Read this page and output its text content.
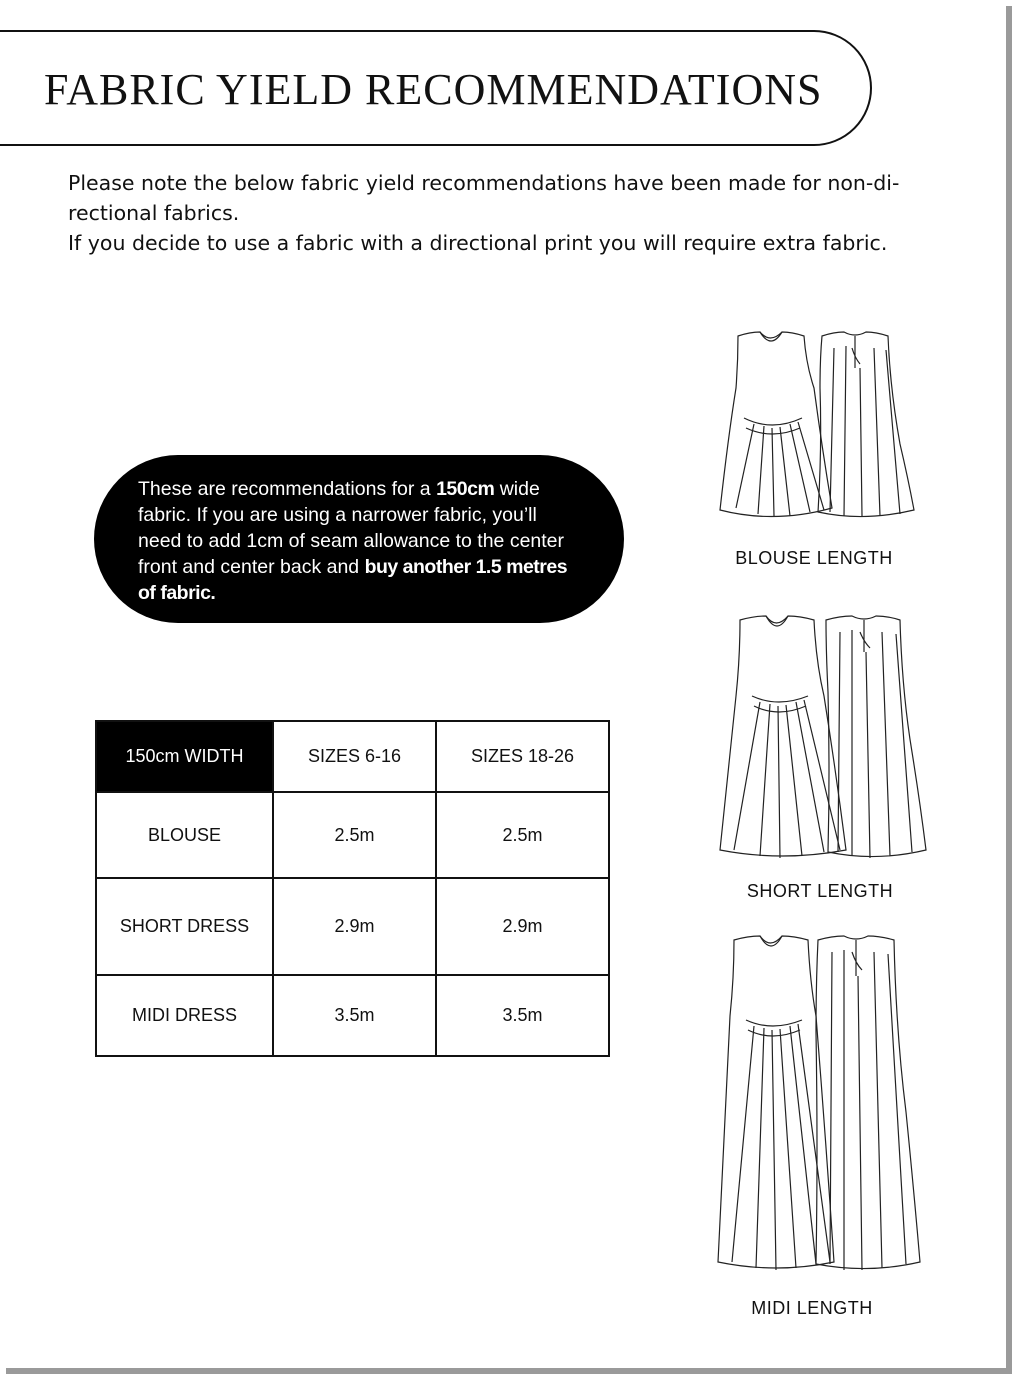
FABRIC YIELD RECOMMENDATIONS

Please note the below fabric yield recommendations have been made for non-di-

rectional fabrics.

If you decide to use a fabric with a directional print you will require extra fabric.

These are recommendations for a 150cm wide fabric. If you are using a narrower fabric, you’ll need to add 1cm of seam allowance to the center front and center back and buy another 1.5 metres of fabric.
150cm WIDTH	SIZES 6-16	SIZES 18-26
BLOUSE	2.5m	2.5m
SHORT DRESS	2.9m	2.9m
MIDI DRESS	3.5m	3.5m
BLOUSE LENGTH
SHORT LENGTH
MIDI LENGTH
